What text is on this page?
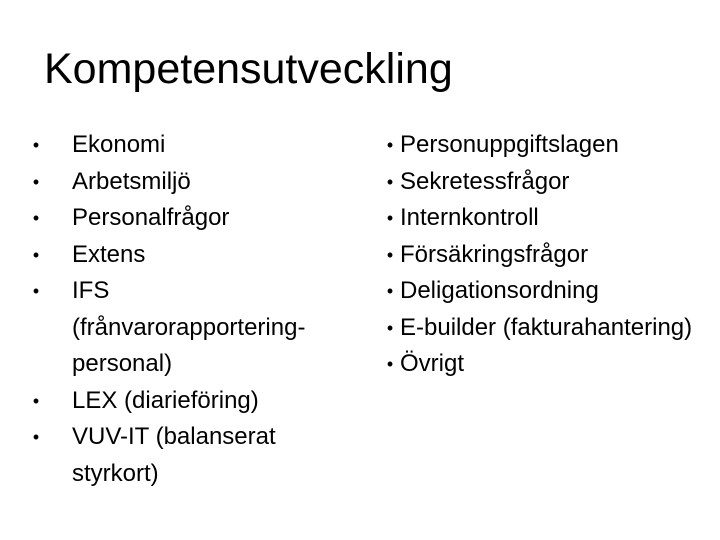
Kompetensutveckling
• Ekonomi
• Arbetsmiljö
• Personalfrågor
• Extens
• IFS (frånvarorapportering-personal)
• LEX (diarieföring)
• VUV-IT (balanserat styrkort)
• Personuppgiftslagen
• Sekretessfrågor
• Internkontroll
• Försäkringsfrågor
• Deligationsordning
• E-builder (fakturahantering)
• Övrigt
